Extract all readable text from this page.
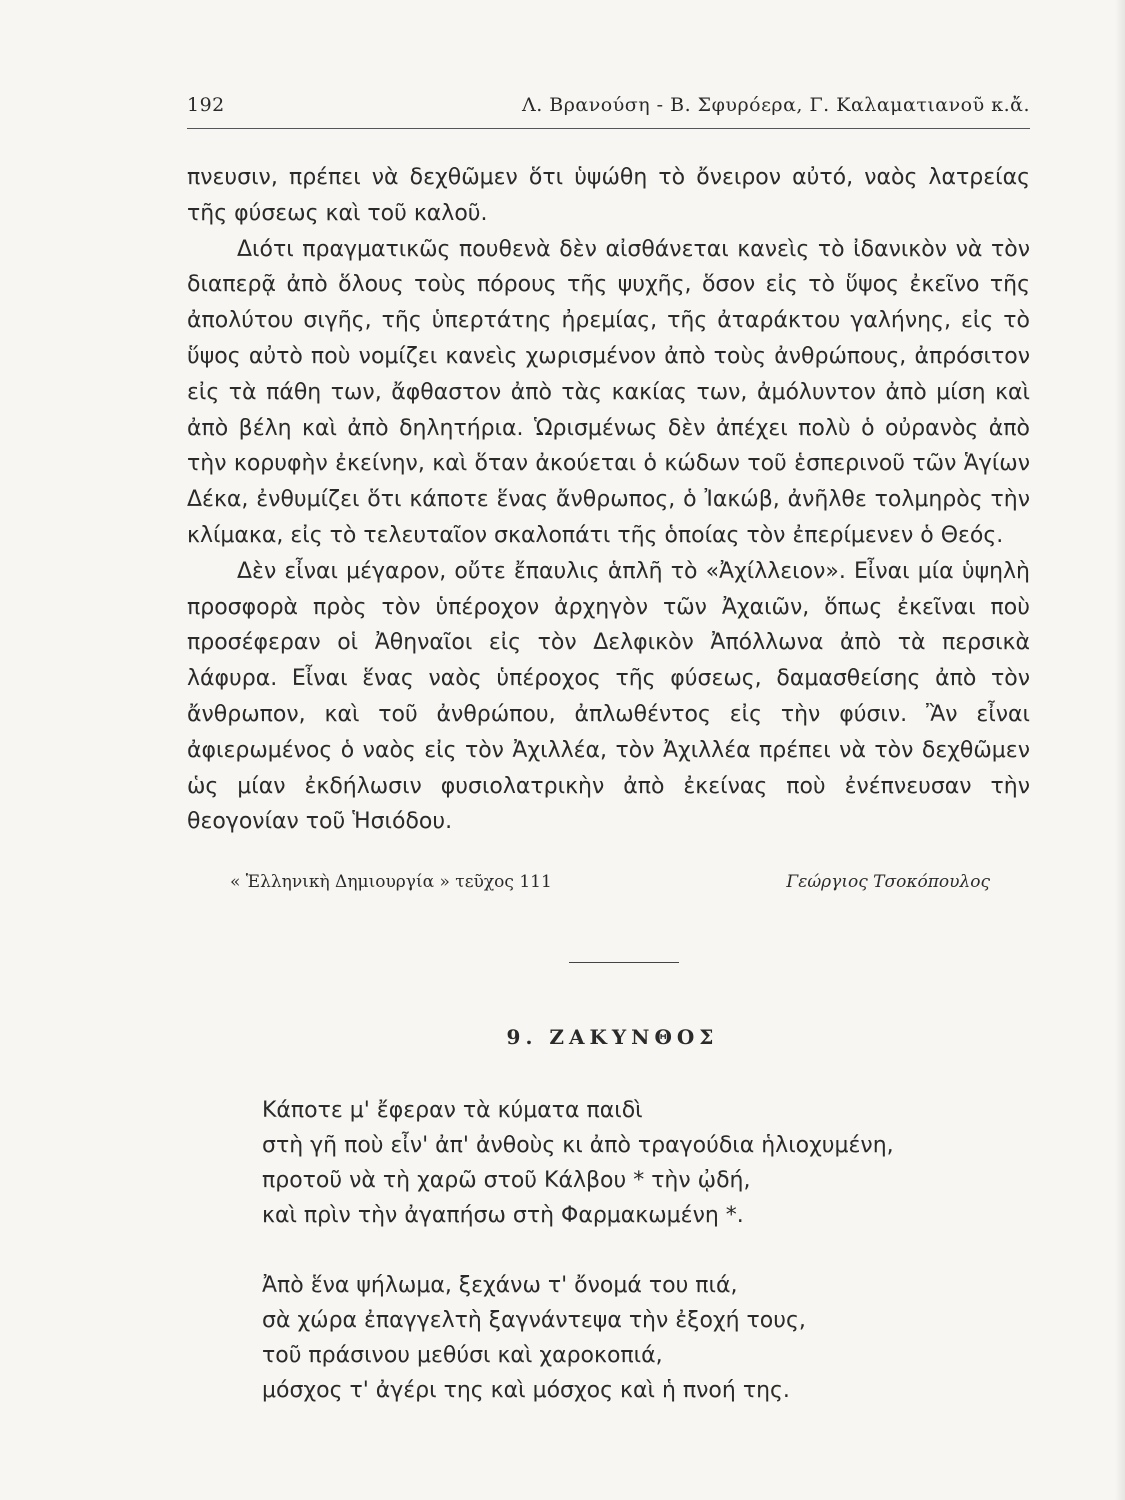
192	Λ. Βρανούση - Β. Σφυρόερα, Γ. Καλαματιανοῦ κ.ἄ.

πνευσιν, πρέπει νὰ δεχθῶμεν ὅτι ὑψώθη τὸ ὄνειρον αὐτό, ναὸς λατρείας τῆς φύσεως καὶ τοῦ καλοῦ.

Διότι πραγματικῶς πουθενὰ δὲν αἰσθάνεται κανεὶς τὸ ἰδανικὸν νὰ τὸν διαπερᾷ ἀπὸ ὅλους τοὺς πόρους τῆς ψυχῆς, ὅσον εἰς τὸ ὕψος ἐκεῖνο τῆς ἀπολύτου σιγῆς, τῆς ὑπερτάτης ἠρεμίας, τῆς ἀταράκτου γαλήνης, εἰς τὸ ὕψος αὐτὸ ποὺ νομίζει κανεὶς χωρισμένον ἀπὸ τοὺς ἀνθρώπους, ἀπρόσιτον εἰς τὰ πάθη των, ἄφθαστον ἀπὸ τὰς κακίας των, ἀμόλυντον ἀπὸ μίση καὶ ἀπὸ βέλη καὶ ἀπὸ δηλητήρια. Ὡρισμένως δὲν ἀπέχει πολὺ ὁ οὐρανὸς ἀπὸ τὴν κορυφὴν ἐκείνην, καὶ ὅταν ἀκούεται ὁ κώδων τοῦ ἑσπερινοῦ τῶν Ἁγίων Δέκα, ἐνθυμίζει ὅτι κάποτε ἕνας ἄνθρωπος, ὁ Ἰακώβ, ἀνῆλθε τολμηρὸς τὴν κλίμακα, εἰς τὸ τελευταῖον σκαλοπάτι τῆς ὁποίας τὸν ἐπερίμενεν ὁ Θεός.

Δὲν εἶναι μέγαρον, οὔτε ἔπαυλις ἁπλῆ τὸ «Ἀχίλλειον». Εἶναι μία ὑψηλὴ προσφορὰ πρὸς τὸν ὑπέροχον ἀρχηγὸν τῶν Ἀχαιῶν, ὅπως ἐκεῖναι ποὺ προσέφεραν οἱ Ἀθηναῖοι εἰς τὸν Δελφικὸν Ἀπόλλωνα ἀπὸ τὰ περσικὰ λάφυρα. Εἶναι ἕνας ναὸς ὑπέροχος τῆς φύσεως, δαμασθείσης ἀπὸ τὸν ἄνθρωπον, καὶ τοῦ ἀνθρώπου, ἀπλωθέντος εἰς τὴν φύσιν. Ἂν εἶναι ἀφιερωμένος ὁ ναὸς εἰς τὸν Ἀχιλλέα, τὸν Ἀχιλλέα πρέπει νὰ τὸν δεχθῶμεν ὡς μίαν ἐκδήλωσιν φυσιολατρικὴν ἀπὸ ἐκείνας ποὺ ἐνέπνευσαν τὴν θεογονίαν τοῦ Ἡσιόδου.

« Ἑλληνικὴ Δημιουργία » τεῦχος 111	Γεώργιος Τσοκόπουλος
9. ΖΑΚΥΝΘΟΣ
Κάποτε μ' ἔφεραν τὰ κύματα παιδὶ
στὴ γῆ ποὺ εἶν' ἀπ' ἀνθοὺς κι ἀπὸ τραγούδια ἡλιοχυμένη,
προτοῦ νὰ τὴ χαρῶ στοῦ Κάλβου * τὴν ᾠδή,
καὶ πρὶν τὴν ἀγαπήσω στὴ Φαρμακωμένη *.
Ἀπὸ ἕνα ψήλωμα, ξεχάνω τ' ὄνομά του πιά,
σὰ χώρα ἐπαγγελτὴ ξαγνάντεψα τὴν ἐξοχή τους,
τοῦ πράσινου μεθύσι καὶ χαροκοπιά,
μόσχος τ' ἀγέρι της καὶ μόσχος καὶ ἡ πνοή της.
